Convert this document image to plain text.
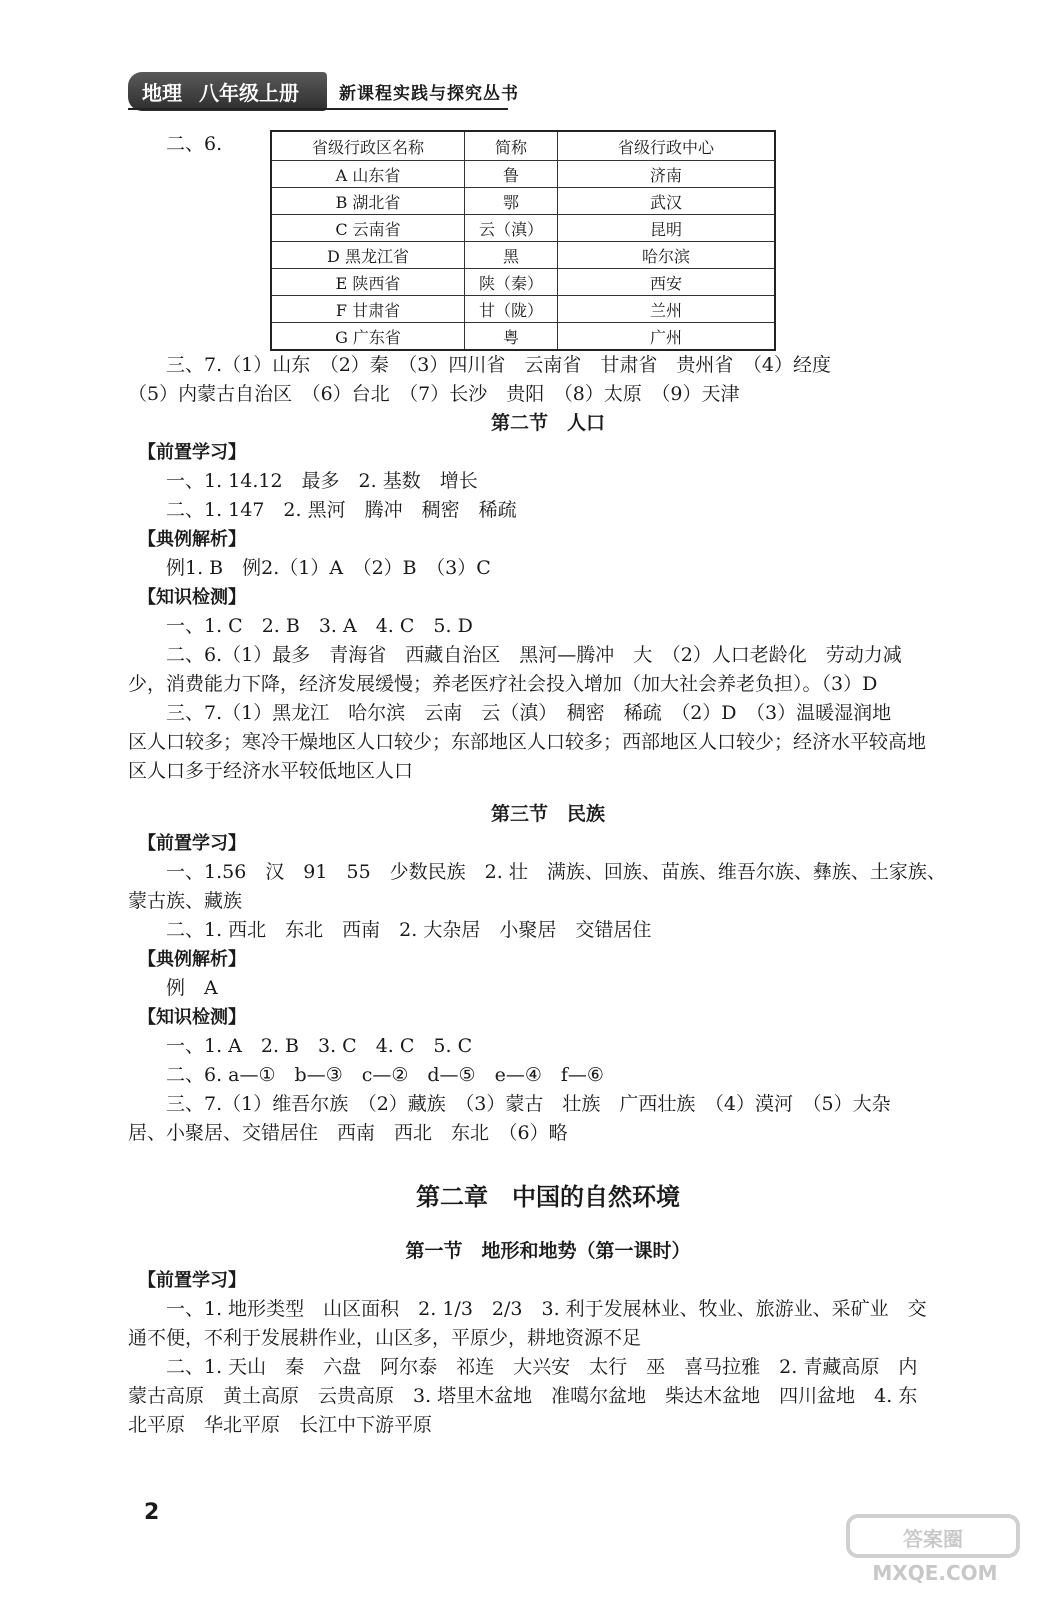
地理 八年级上册	新课程实践与探究丛书
二、6.	省级行政区名称	简称	省级行政中心
A 山东省	鲁	济南
B 湖北省	鄂	武汉
C 云南省	云（滇）	昆明
D 黑龙江省	黑	哈尔滨
E 陕西省	陕（秦）	西安
F 甘肃省	甘（陇）	兰州
G 广东省	粤	广州
三、7.（1）山东　（2）秦　（3）四川省　云南省　甘肃省　贵州省　（4）经度
（5）内蒙古自治区　（6）台北　（7）长沙　贵阳　（8）太原　（9）天津
第二节　人口
【前置学习】
一、1. 14.12　最多　2. 基数　增长
二、1. 147　2. 黑河　腾冲　稠密　稀疏
【典例解析】
例1. B　例2.（1）A　（2）B　（3）C
【知识检测】
一、1. C　2. B　3. A　4. C　5. D
二、6.（1）最多　青海省　西藏自治区　黑河—腾冲　大　（2）人口老龄化　劳动力减
少，消费能力下降，经济发展缓慢；养老医疗社会投入增加（加大社会养老负担）。（3）D
三、7.（1）黑龙江　哈尔滨　云南　云（滇）　稠密　稀疏　（2）D　（3）温暖湿润地
区人口较多；寒冷干燥地区人口较少；东部地区人口较多；西部地区人口较少；经济水平较高地
区人口多于经济水平较低地区人口
第三节　民族
【前置学习】
一、1.56　汉　91　55　少数民族　2. 壮　满族、回族、苗族、维吾尔族、彝族、土家族、
蒙古族、藏族
二、1. 西北　东北　西南　2. 大杂居　小聚居　交错居住
【典例解析】
例　A
【知识检测】
一、1. A　2. B　3. C　4. C　5. C
二、6. a—①　b—③　c—②　d—⑤　e—④　f—⑥
三、7.（1）维吾尔族　（2）藏族　（3）蒙古　壮族　广西壮族　（4）漠河　（5）大杂
居、小聚居、交错居住　西南　西北　东北　（6）略
第二章　中国的自然环境
第一节　地形和地势（第一课时）
【前置学习】
一、1. 地形类型　山区面积　2. 1/3　2/3　3. 利于发展林业、牧业、旅游业、采矿业　交
通不便，不利于发展耕作业，山区多，平原少，耕地资源不足
二、1. 天山　秦　六盘　阿尔泰　祁连　大兴安　太行　巫　喜马拉雅　2. 青藏高原　内
蒙古高原　黄土高原　云贵高原　3. 塔里木盆地　准噶尔盆地　柴达木盆地　四川盆地　4. 东
北平原　华北平原　长江中下游平原
2
答案圈
MXQE.COM
